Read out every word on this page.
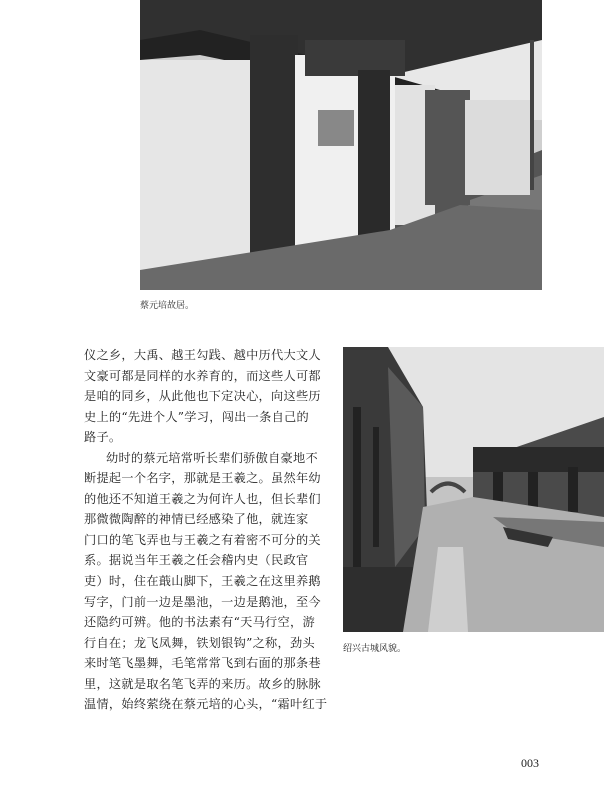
蔡元培故居。
仪之乡，大禹、越王勾践、越中历代大文人
文豪可都是同样的水养育的，而这些人可都
是咱的同乡，从此他也下定决心，向这些历
史上的“先进个人”学习，闯出一条自己的
路子。
幼时的蔡元培常听长辈们骄傲自豪地不
断提起一个名字，那就是王羲之。虽然年幼
的他还不知道王羲之为何许人也，但长辈们
那微微陶醉的神情已经感染了他，就连家
门口的笔飞弄也与王羲之有着密不可分的关
系。据说当年王羲之任会稽内史（民政官
吏）时，住在蕺山脚下，王羲之在这里养鹅
写字，门前一边是墨池，一边是鹅池，至今
还隐约可辨。他的书法素有“天马行空，游
行自在；龙飞凤舞，铁划银钩”之称，劲头
来时笔飞墨舞，毛笔常常飞到右面的那条巷
里，这就是取名笔飞弄的来历。故乡的脉脉
温情，始终萦绕在蔡元培的心头，“霜叶红于
绍兴古城风貌。
003
